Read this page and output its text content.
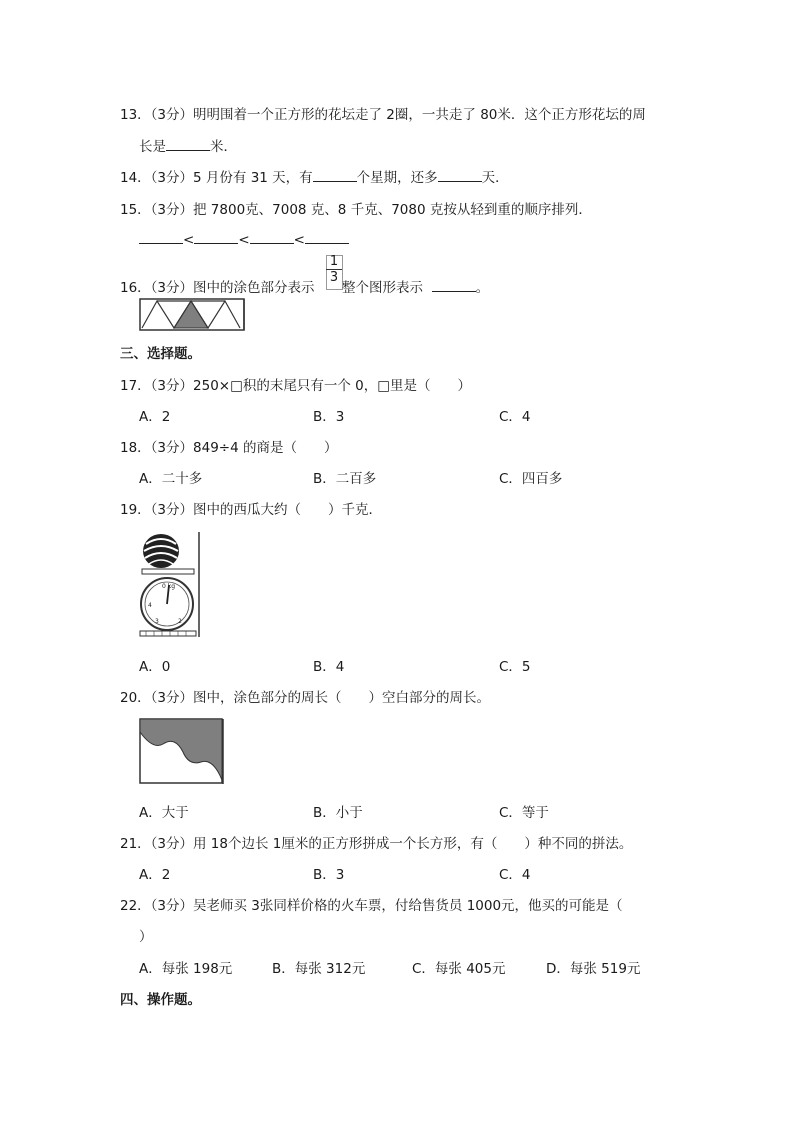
13．（3分）明明围着一个正方形的花坛走了 2圈，一共走了 80米．这个正方形花坛的周
长是	米．
14．（3分）5 月份有 31 天，有	个星期，还多	天．
15．（3分）把 7800克、7008 克、8 千克、7080 克按从轻到重的顺序排列．
<	<	<
16．（3分）图中的涂色部分表示
$\frac{1}{3}$
整个图形表示	。
三、选择题。
17．（3分）250×□积的末尾只有一个 0，□里是（　　）
A．2	B．3	C．4
18．（3分）849÷4 的商是（　　）
A．二十多	B．二百多	C．四百多
19．（3分）图中的西瓜大约（　　）千克．
0 kg
4
3	2
A．0	B．4	C．5
20．（3分）图中，涂色部分的周长（　　）空白部分的周长。
A．大于	B．小于	C．等于
21．（3分）用 18个边长 1厘米的正方形拼成一个长方形，有（　　）种不同的拼法。
A．2	B．3	C．4
22．（3分）吴老师买 3张同样价格的火车票，付给售货员 1000元，他买的可能是（
）
A．每张 198元	B．每张 312元	C．每张 405元	D．每张 519元
四、操作题。
